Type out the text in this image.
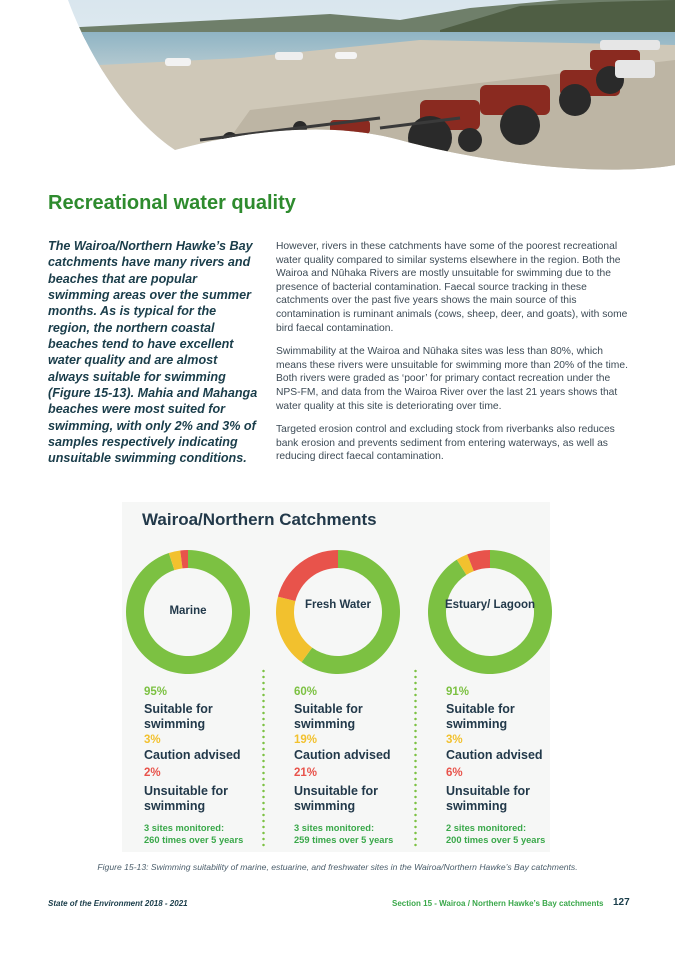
Recreational water quality
The Wairoa/Northern Hawke’s Bay catchments have many rivers and beaches that are popular swimming areas over the summer months. As is typical for the region, the northern coastal beaches tend to have excellent water quality and are almost always suitable for swimming (Figure 15-13). Mahia and Mahanga beaches were most suited for swimming, with only 2% and 3% of samples respectively indicating unsuitable swimming conditions.

However, rivers in these catchments have some of the poorest recreational water quality compared to similar systems elsewhere in the region. Both the Wairoa and Nūhaka Rivers are mostly unsuitable for swimming due to the presence of bacterial contamination. Faecal source tracking in these catchments over the past five years shows the main source of this contamination is ruminant animals (cows, sheep, deer, and goats), with some bird faecal contamination.

Swimmability at the Wairoa and Nūhaka sites was less than 80%, which means these rivers were unsuitable for swimming more than 20% of the time. Both rivers were graded as ‘poor’ for primary contact recreation under the NPS-FM, and data from the Wairoa River over the last 21 years shows that water quality at this site is deteriorating over time.

Targeted erosion control and excluding stock from riverbanks also reduces bank erosion and prevents sediment from entering waterways, as well as reducing direct faecal contamination.

Wairoa/Northern Catchments
Marine
95%
Suitable for swimming
3%
Caution advised
2%
Unsuitable for swimming
3 sites monitored:
260 times over 5 years
Fresh Water
60%
Suitable for swimming
19%
Caution advised
21%
Unsuitable for swimming
3 sites monitored:
259 times over 5 years
Estuary/ Lagoon
91%
Suitable for swimming
3%
Caution advised
6%
Unsuitable for swimming
2 sites monitored:
200 times over 5 years
Figure 15-13: Swimming suitability of marine, estuarine, and freshwater sites in the Wairoa/Northern Hawke’s Bay catchments.
State of the Environment 2018 - 2021	Section 15 - Wairoa / Northern Hawke’s Bay catchments 127
